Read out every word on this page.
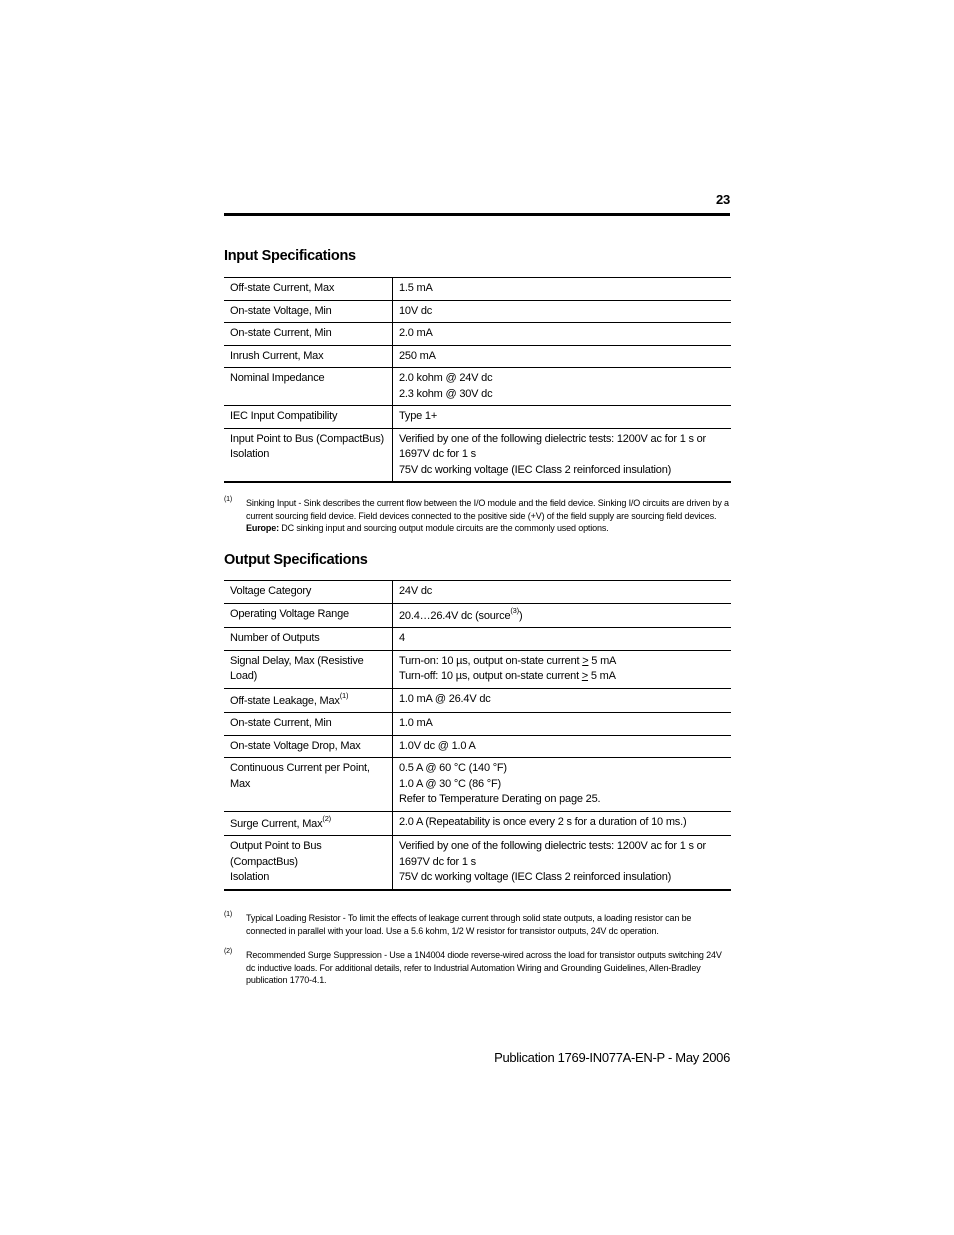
23
Input Specifications
Off-state Current, Max	1.5 mA
On-state Voltage, Min	10V dc
On-state Current, Min	2.0 mA
Inrush Current, Max	250 mA
Nominal Impedance	2.0 kohm @ 24V dc
2.3 kohm @ 30V dc

IEC Input Compatibility	Type 1+

Input Point to Bus (CompactBus)
Isolation	Verified by one of the following dielectric tests: 1200V ac for 1 s or 1697V dc for 1 s
75V dc working voltage (IEC Class 2 reinforced insulation)
(1) Sinking Input - Sink describes the current flow between the I/O module and the field device. Sinking I/O circuits are driven by a current sourcing field device. Field devices connected to the positive side (+V) of the field supply are sourcing field devices. Europe: DC sinking input and sourcing output module circuits are the commonly used options.
Output Specifications
Voltage Category	24V dc
Operating Voltage Range	20.4…26.4V dc (source$^{(3)}$)
Number of Outputs	4
Signal Delay, Max (Resistive Load)	Turn-on: 10 µs, output on-state current > 5 mA
Turn-off: 10 µs, output on-state current > 5 mA

Off-state Leakage, Max$^{(1)}$	1.0 mA @ 26.4V dc
On-state Current, Min	1.0 mA
On-state Voltage Drop, Max	1.0V dc @ 1.0 A
Continuous Current per Point, Max	0.5 A @ 60 °C (140 °F)
1.0 A @ 30 °C (86 °F)
Refer to Temperature Derating on page 25.

Surge Current, Max$^{(2)}$	2.0 A (Repeatability is once every 2 s for a duration of 10 ms.)

Output Point to Bus (CompactBus)
Isolation	Verified by one of the following dielectric tests: 1200V ac for 1 s or 1697V dc for 1 s
75V dc working voltage (IEC Class 2 reinforced insulation)
(1) Typical Loading Resistor - To limit the effects of leakage current through solid state outputs, a loading resistor can be connected in parallel with your load. Use a 5.6 kohm, 1/2 W resistor for transistor outputs, 24V dc operation.
(2) Recommended Surge Suppression - Use a 1N4004 diode reverse-wired across the load for transistor outputs switching 24V dc inductive loads. For additional details, refer to Industrial Automation Wiring and Grounding Guidelines, Allen-Bradley publication 1770-4.1.
Publication 1769-IN077A-EN-P - May 2006
